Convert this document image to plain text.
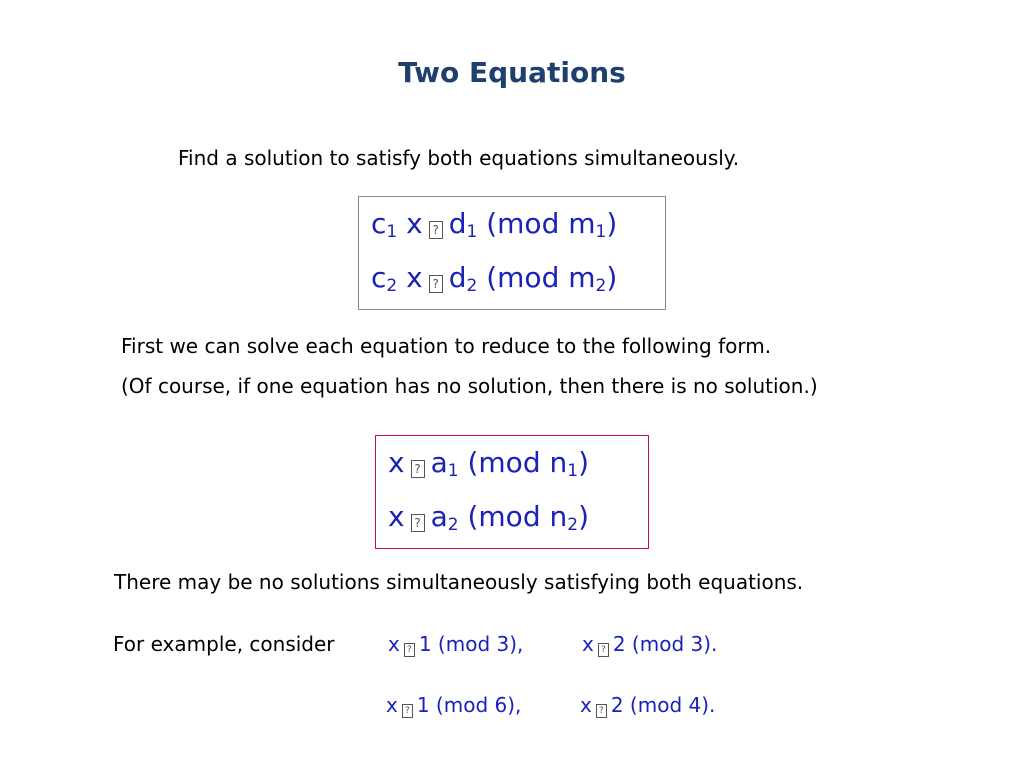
Two Equations
Find a solution to satisfy both equations simultaneously.
$c_1$ x ? $d_1$ (mod $m_1$)
$c_2$ x ? $d_2$ (mod $m_2$)
First we can solve each equation to reduce to the following form.
(Of course, if one equation has no solution, then there is no solution.)
x ? $a_1$ (mod $n_1$)
x ? $a_2$ (mod $n_2$)
There may be no solutions simultaneously satisfying both equations.
For example, consider	x ? 1 (mod 3),	x ? 2 (mod 3).
x ? 1 (mod 6),	x ? 2 (mod 4).
